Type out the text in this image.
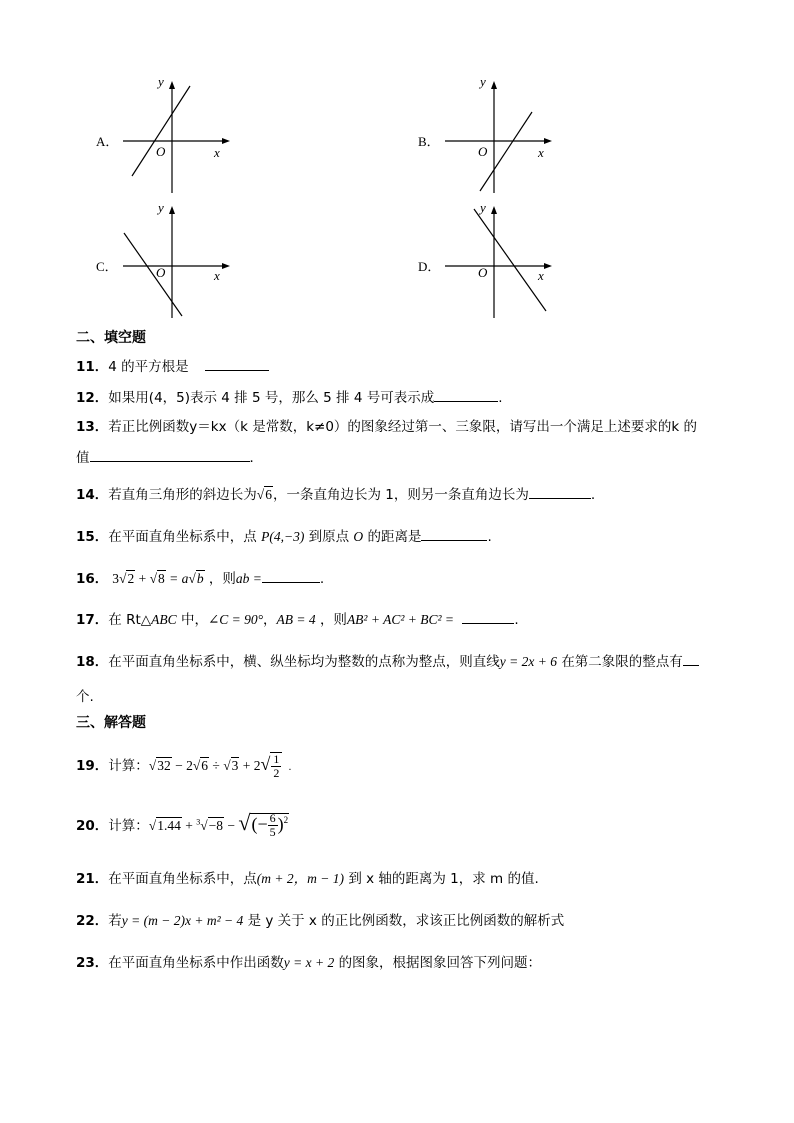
A．
y
x
O
B．
y
x
O
C．
y
x
O	D．
y
x
O
二、填空题
11．4 的平方根是
12．如果用(4，5)表示 4 排 5 号，那么 5 排 4 号可表示成	.
13．若正比例函数y＝kx（k 是常数，k≠0）的图象经过第一、三象限，请写出一个满足上述要求的k 的
值	．
14．若直角三角形的斜边长为√6，一条直角边长为 1，则另一条直角边长为	.
15．在平面直角坐标系中，点 P(4,−3) 到原点 O 的距离是	.
16． 3√2 + √8 = a√b ，则ab =	.
17．在 Rt△ABC 中，∠C = 90°，AB = 4 ，则AB² + AC² + BC² =	.
18．在平面直角坐标系中，横、纵坐标均为整数的点称为整点，则直线y = 2x + 6 在第二象限的整点有
个.
三、解答题
19．计算：$√32 - 2√6 \div √3 + 2√ \frac{1}{2}$ .
20．计算：√1.44 + $^3$√−8 − √(− $\frac{6}{5} )^2$
21．在平面直角坐标系中，点(m + 2，m − 1) 到 x 轴的距离为 1，求 m 的值.
22．若y = (m − 2)x + m² − 4 是 y 关于 x 的正比例函数，求该正比例函数的解析式
23．在平面直角坐标系中作出函数y = x + 2 的图象，根据图象回答下列问题：
